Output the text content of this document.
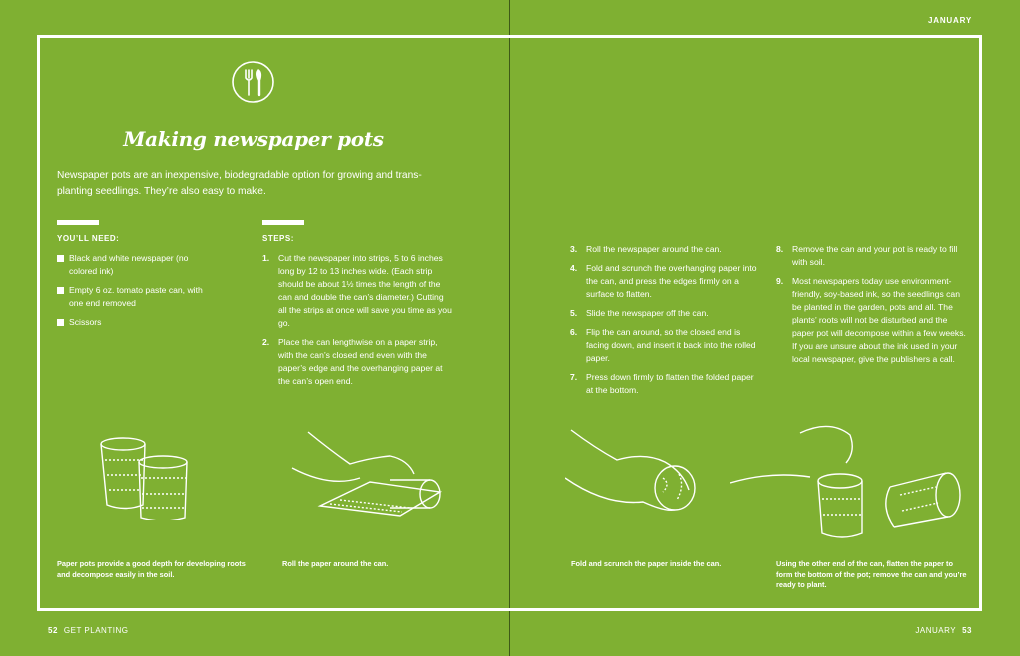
JANUARY
52 GET PLANTING	JANUARY 53
Making newspaper pots
Newspaper pots are an inexpensive, biodegradable option for growing and transplanting seedlings. They’re also easy to make.
YOU’LL NEED:	STEPS:
Black and white newspaper (no colored ink)
Empty 6 oz. tomato paste can, with one end removed
Scissors
1. Cut the newspaper into strips, 5 to 6 inches long by 12 to 13 inches wide. (Each strip should be about 1½ times the length of the can and double the can’s diameter.) Cutting all the strips at once will save you time as you go.
2. Place the can lengthwise on a paper strip, with the can’s closed end even with the paper’s edge and the overhanging paper at the can’s open end.
3. Roll the newspaper around the can.
4. Fold and scrunch the overhanging paper into the can, and press the edges firmly on a surface to flatten.
5. Slide the newspaper off the can.
6. Flip the can around, so the closed end is facing down, and insert it back into the rolled paper.
7. Press down firmly to flatten the folded paper at the bottom.
8. Remove the can and your pot is ready to fill with soil.
9. Most newspapers today use environment-friendly, soy-based ink, so the seedlings can be planted in the garden, pots and all. The plants’ roots will not be disturbed and the paper pot will decompose within a few weeks. If you are unsure about the ink used in your local newspaper, give the publishers a call.
Paper pots provide a good depth for developing roots and decompose easily in the soil.
Roll the paper around the can.	Fold and scrunch the paper inside the can.	Using the other end of the can, flatten the paper to form the bottom of the pot; remove the can and you’re ready to plant.
